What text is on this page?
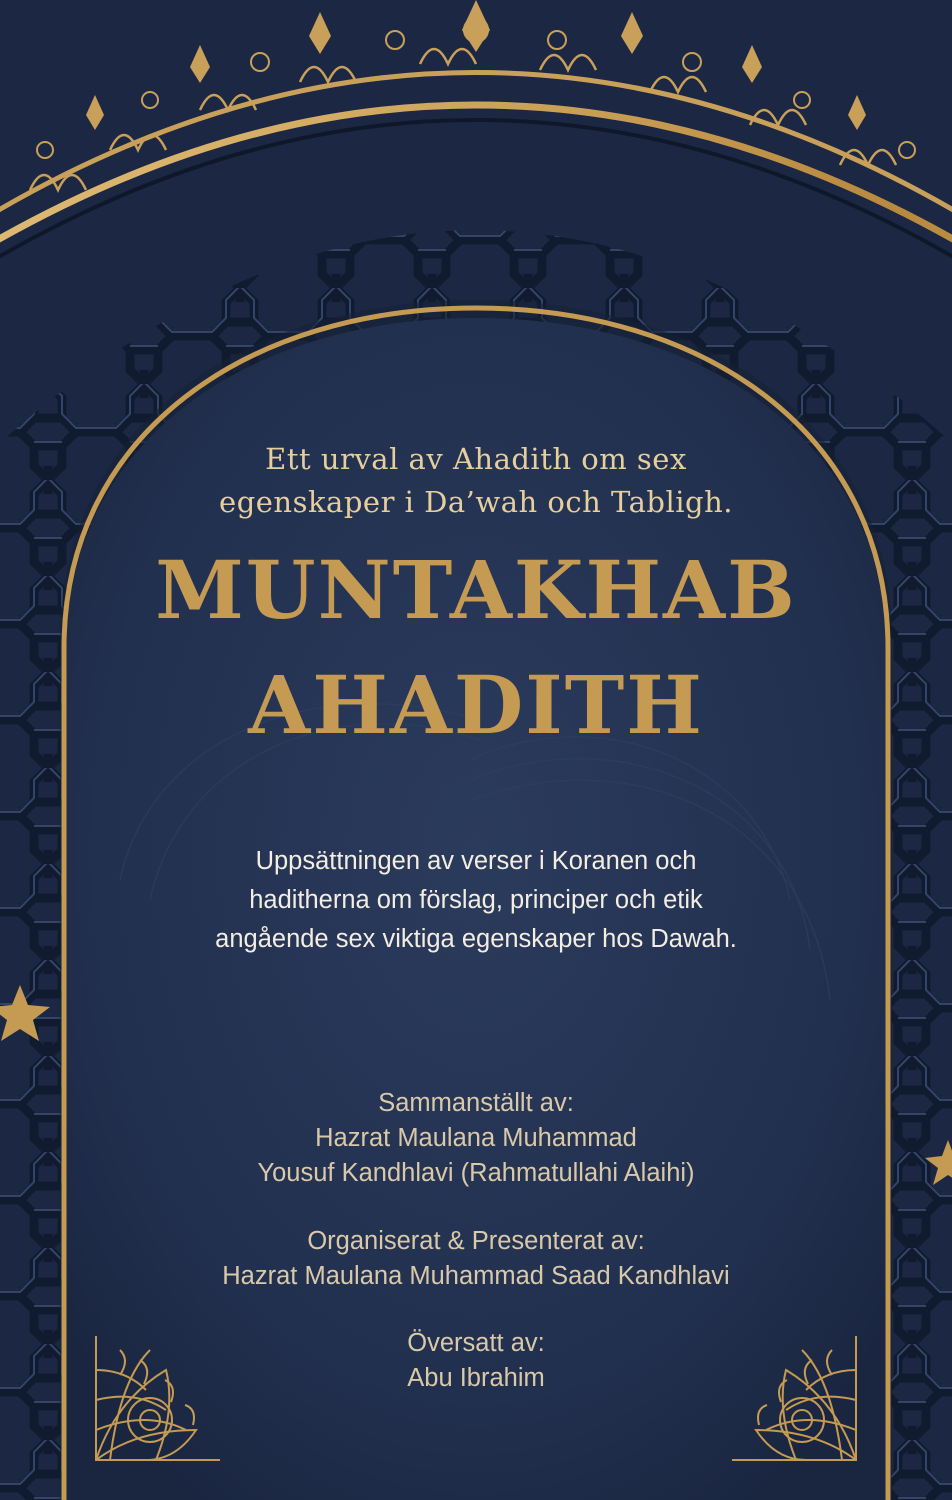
Ett urval av Ahadith om sex
egenskaper i Da’wah och Tabligh.
MUNTAKHAB
AHADITH
Uppsättningen av verser i Koranen och
haditherna om förslag, principer och etik
angående sex viktiga egenskaper hos Dawah.
Sammanställt av:
Hazrat Maulana Muhammad
Yousuf Kandhlavi (Rahmatullahi Alaihi)
Organiserat & Presenterat av:
Hazrat Maulana Muhammad Saad Kandhlavi
Översatt av:
Abu Ibrahim
